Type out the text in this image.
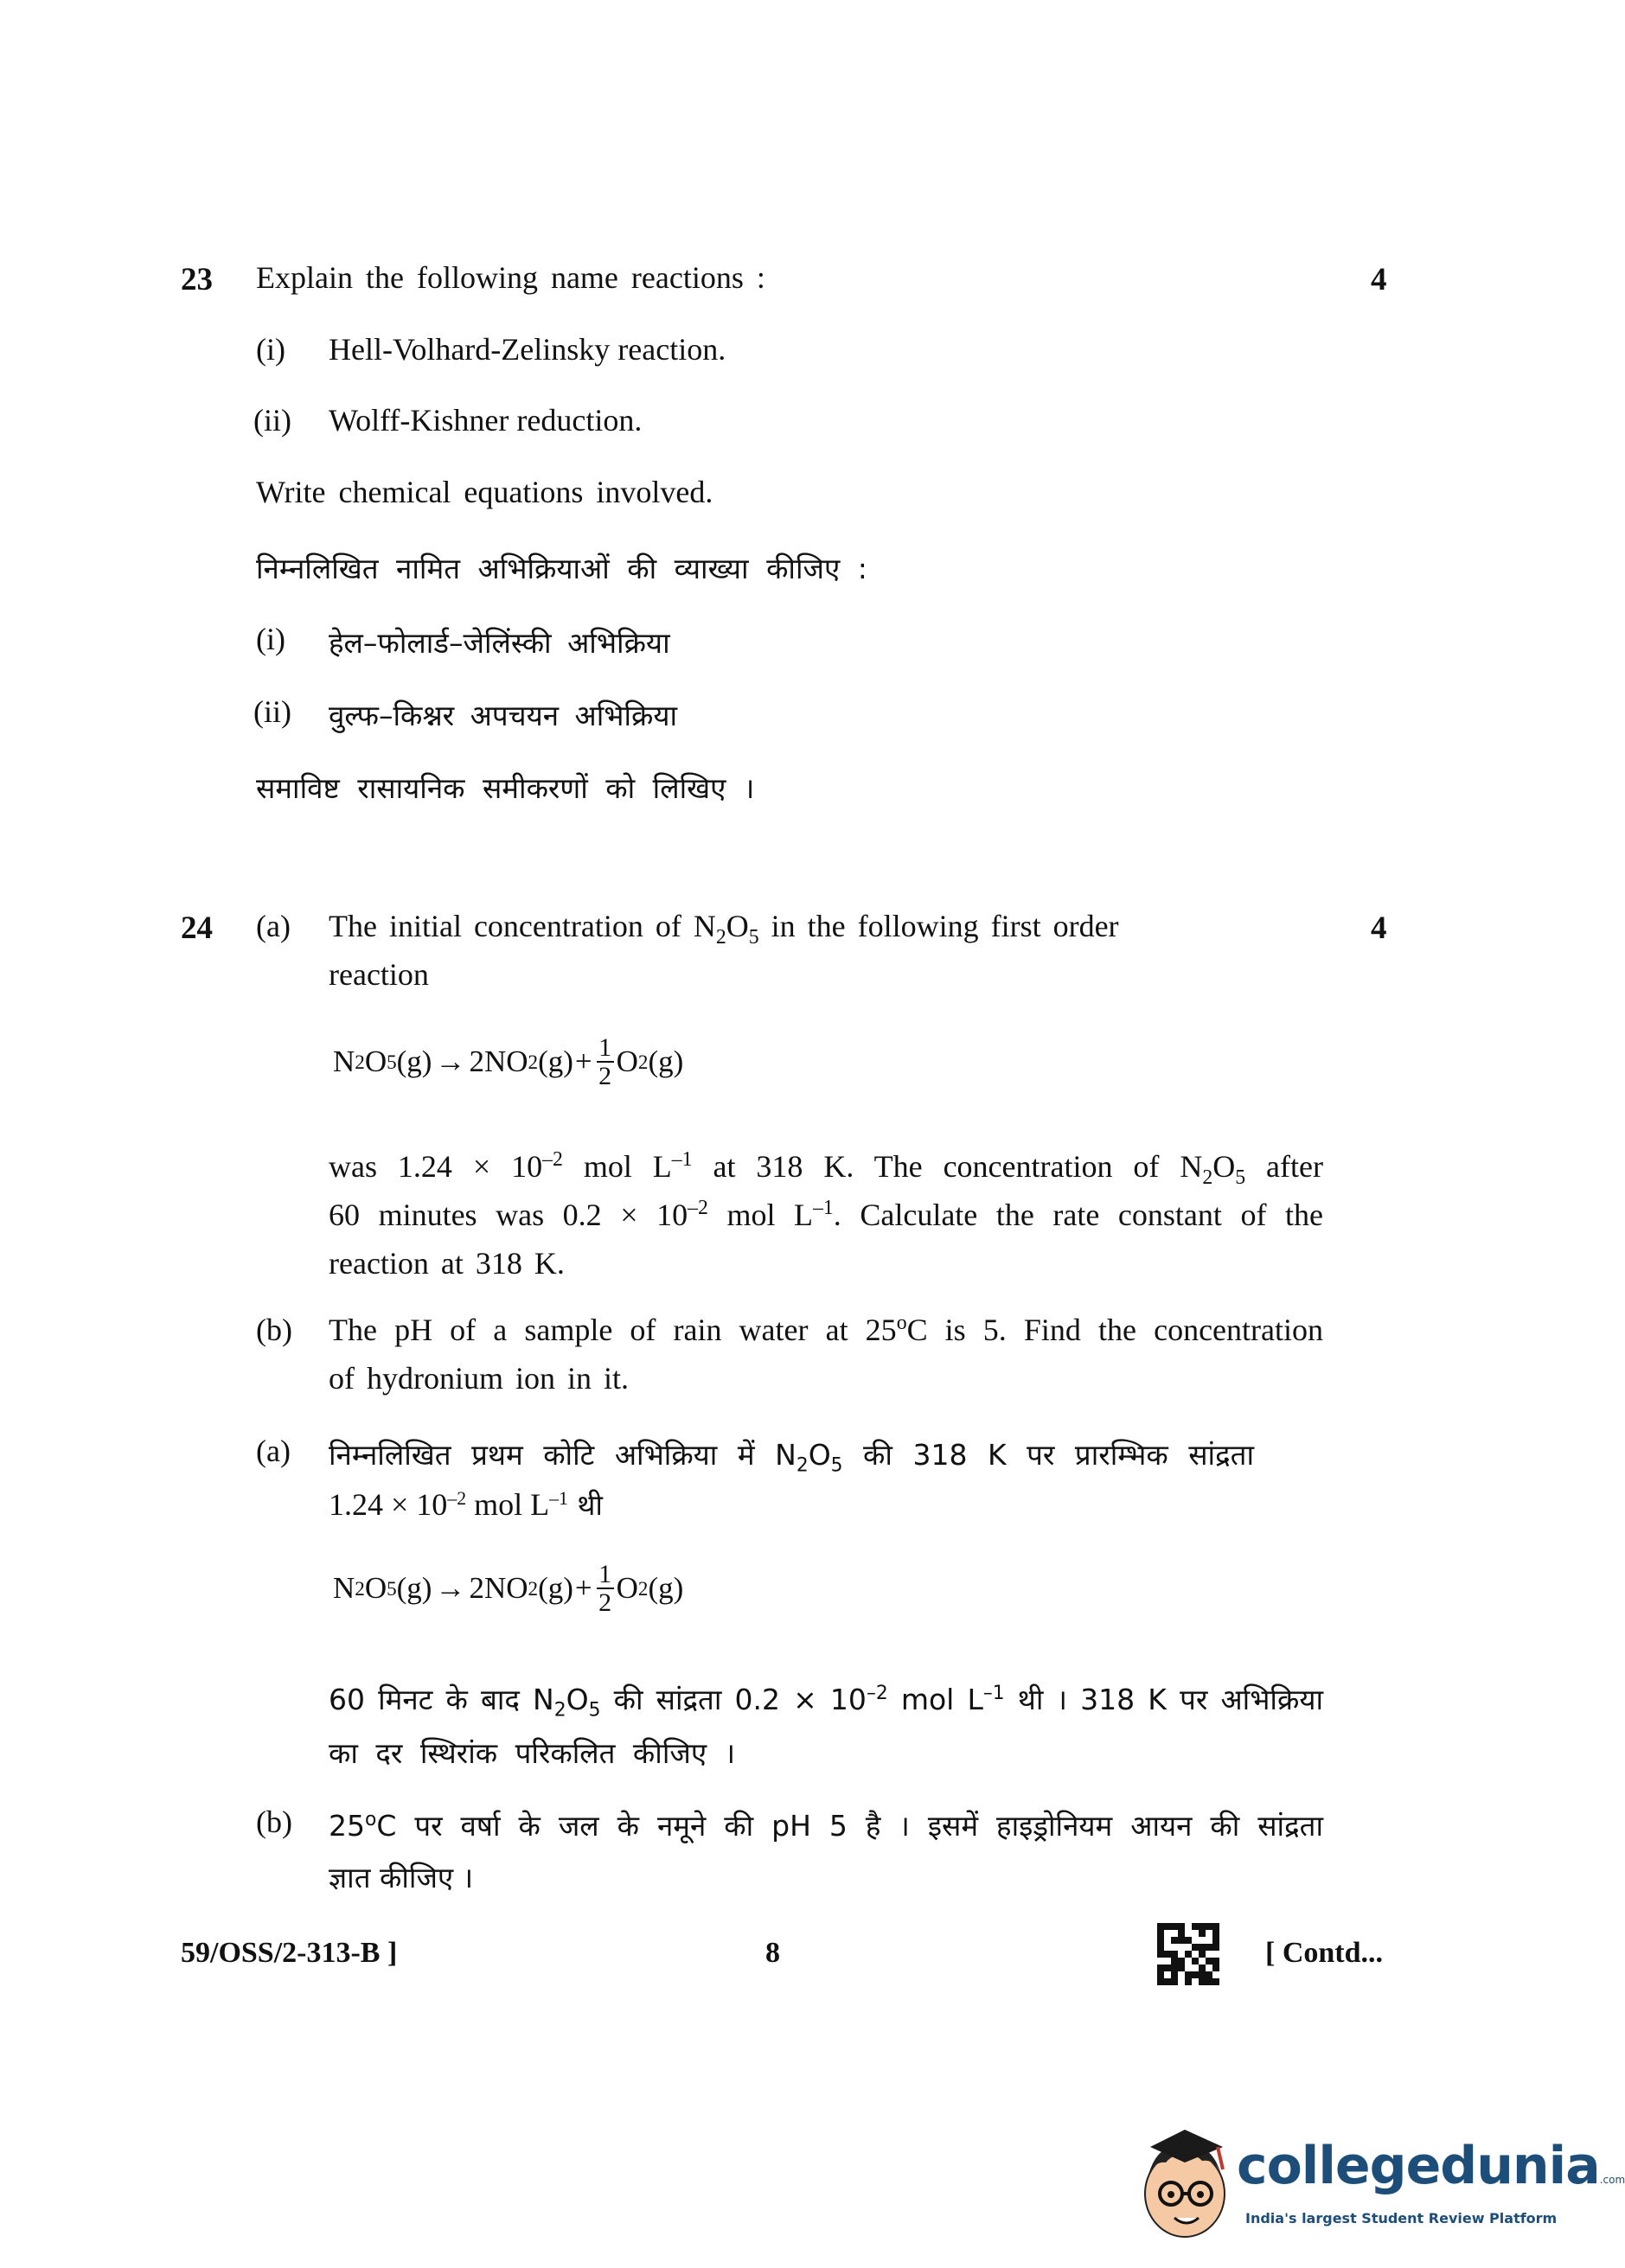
23 Explain the following name reactions :	4
(i) Hell-Volhard-Zelinsky reaction.
(ii) Wolff-Kishner reduction.
Write chemical equations involved.
निम्नलिखित नामित अभिक्रियाओं की व्याख्या कीजिए :
(i) हेल–फोलार्ड–जेलिंस्की अभिक्रिया
(ii) वुल्फ–किश्नर अपचयन अभिक्रिया
समाविष्ट रासायनिक समीकरणों को लिखिए ।
24 (a)	4
The initial concentration of $N_2O_5$ in the following first order
reaction
N 2 O 5 (g) → 2NO 2 $(g) + \frac{1}{2}$ O 2 (g)
was $1.24 \times 10^{-2}$ mol $L^{-1}$ at 318 K. The concentration of $N_2O_5$ after
60 minutes was $0.2 \times 10^{-2}$ mol $L^{-1}$. Calculate the rate constant of the
reaction at 318 K.
(b) The pH of a sample of rain water at 25$^o$C is 5. Find the concentration
of hydronium ion in it.
(a) निम्नलिखित प्रथम कोटि अभिक्रिया में $N_2O_5$ की 318 K पर प्रारम्भिक सांद्रता
$1.24 \times 10^{-2}$ mol $L^{-1}$ थी
N 2 O 5 (g) → 2NO 2 $(g) + \frac{1}{2}$ O 2 (g)
60 मिनट के बाद $N_2O_5$ की सांद्रता $0.2 \times 10^{-2}$ mol $L^{-1}$ थी । 318 K पर अभिक्रिया
का दर स्थिरांक परिकलित कीजिए ।
(b) 25$^o$C पर वर्षा के जल के नमूने की pH 5 है । इसमें हाइड्रोनियम आयन की सांद्रता
ज्ञात कीजिए ।
59/OSS/2-313-B ]	8	[ Contd...
collegedunia.com
India's largest Student Review Platform
